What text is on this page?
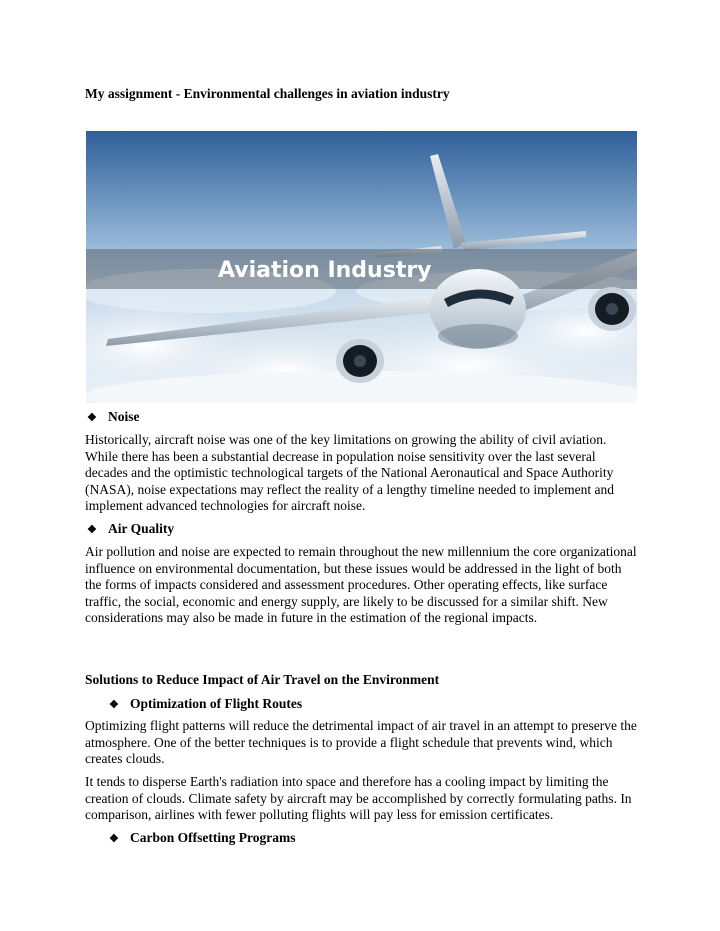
My assignment - Environmental challenges in aviation industry
Aviation Industry
❖ Noise
Historically, aircraft noise was one of the key limitations on growing the ability of civil aviation. While there has been a substantial decrease in population noise sensitivity over the last several decades and the optimistic technological targets of the National Aeronautical and Space Authority (NASA), noise expectations may reflect the reality of a lengthy timeline needed to implement and implement advanced technologies for aircraft noise.
❖ Air Quality
Air pollution and noise are expected to remain throughout the new millennium the core organizational influence on environmental documentation, but these issues would be addressed in the light of both the forms of impacts considered and assessment procedures. Other operating effects, like surface traffic, the social, economic and energy supply, are likely to be discussed for a similar shift. New considerations may also be made in future in the estimation of the regional impacts.
Solutions to Reduce Impact of Air Travel on the Environment
❖ Optimization of Flight Routes
Optimizing flight patterns will reduce the detrimental impact of air travel in an attempt to preserve the atmosphere. One of the better techniques is to provide a flight schedule that prevents wind, which creates clouds.
It tends to disperse Earth's radiation into space and therefore has a cooling impact by limiting the creation of clouds. Climate safety by aircraft may be accomplished by correctly formulating paths. In comparison, airlines with fewer polluting flights will pay less for emission certificates.
❖ Carbon Offsetting Programs
